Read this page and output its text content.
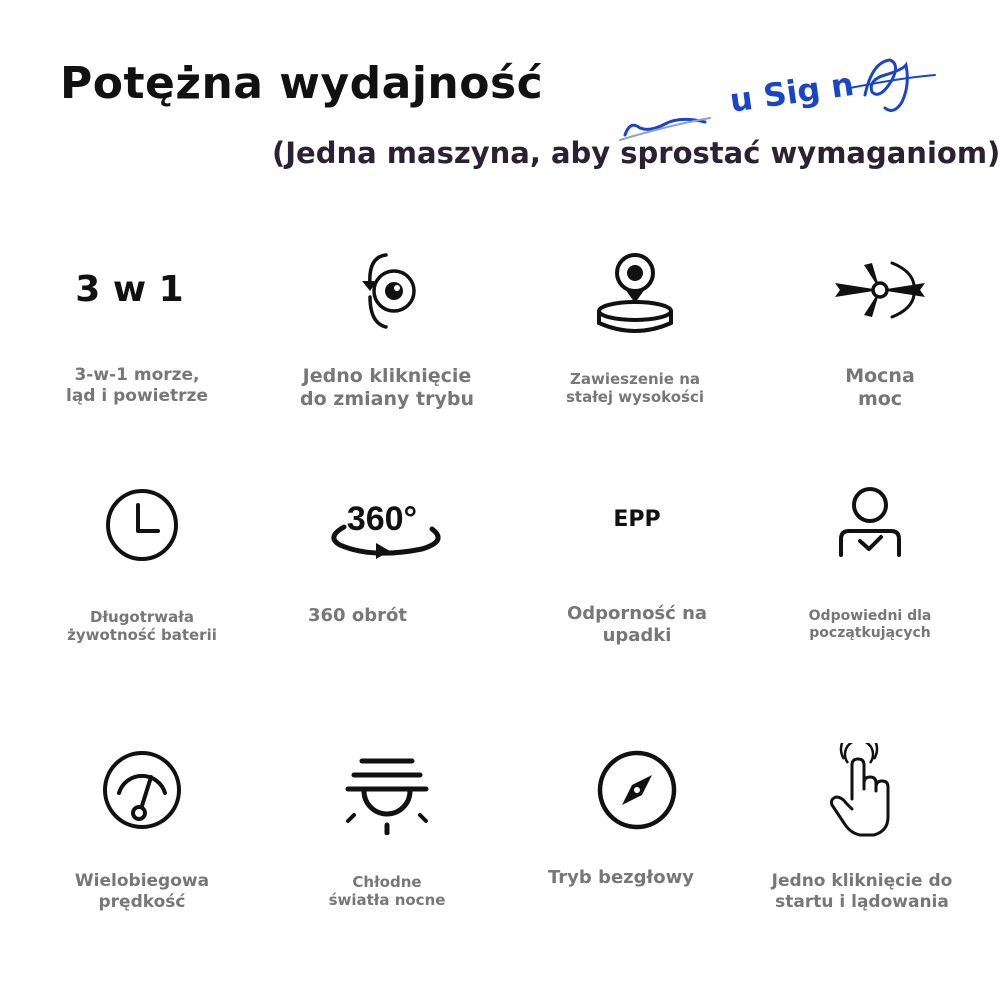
Potężna wydajność	u Sig n
(Jedna maszyna, aby sprostać wymaganiom)
3 w 1
3-w-1 morze,
ląd i powietrze
Jedno kliknięcie
do zmiany trybu
Zawieszenie na
stałej wysokości
Mocna
moc
Długotrwała
żywotność baterii
360°
360 obrót
EPP
Odporność na
upadki
Odpowiedni dla
początkujących
Wielobiegowa
prędkość
Chłodne
światła nocne
Tryb bezgłowy	Jedno kliknięcie do
startu i lądowania
